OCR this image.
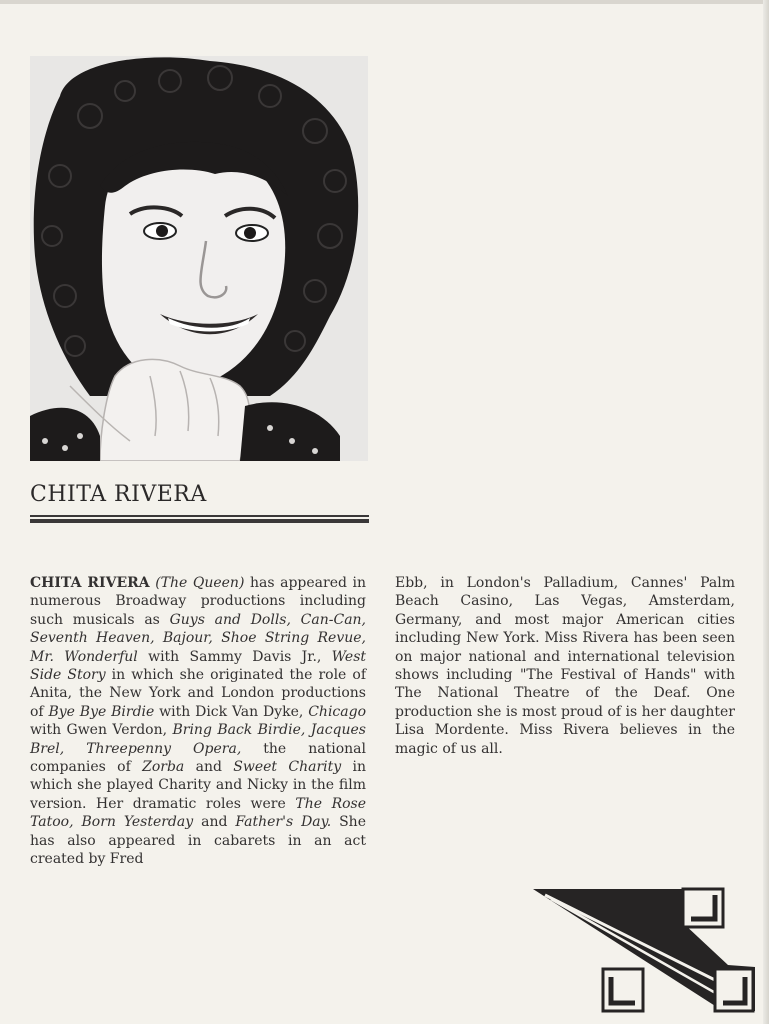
CHITA RIVERA
CHITA RIVERA (The Queen) has appeared in numerous Broadway productions including such musicals as Guys and Dolls, Can-Can, Seventh Heaven, Bajour, Shoe String Revue, Mr. Wonderful with Sammy Davis Jr., West Side Story in which she originated the role of Anita, the New York and London productions of Bye Bye Birdie with Dick Van Dyke, Chicago with Gwen Verdon, Bring Back Birdie, Jacques Brel, Threepenny Opera, the national companies of Zorba and Sweet Charity in which she played Charity and Nicky in the film version. Her dramatic roles were The Rose Tatoo, Born Yesterday and Father's Day. She has also appeared in cabarets in an act created by Fred
Ebb, in London's Palladium, Cannes' Palm Beach Casino, Las Vegas, Amsterdam, Germany, and most major American cities including New York. Miss Rivera has been seen on major national and international television shows including "The Festival of Hands" with The National Theatre of the Deaf. One production she is most proud of is her daughter Lisa Mordente. Miss Rivera believes in the magic of us all.
